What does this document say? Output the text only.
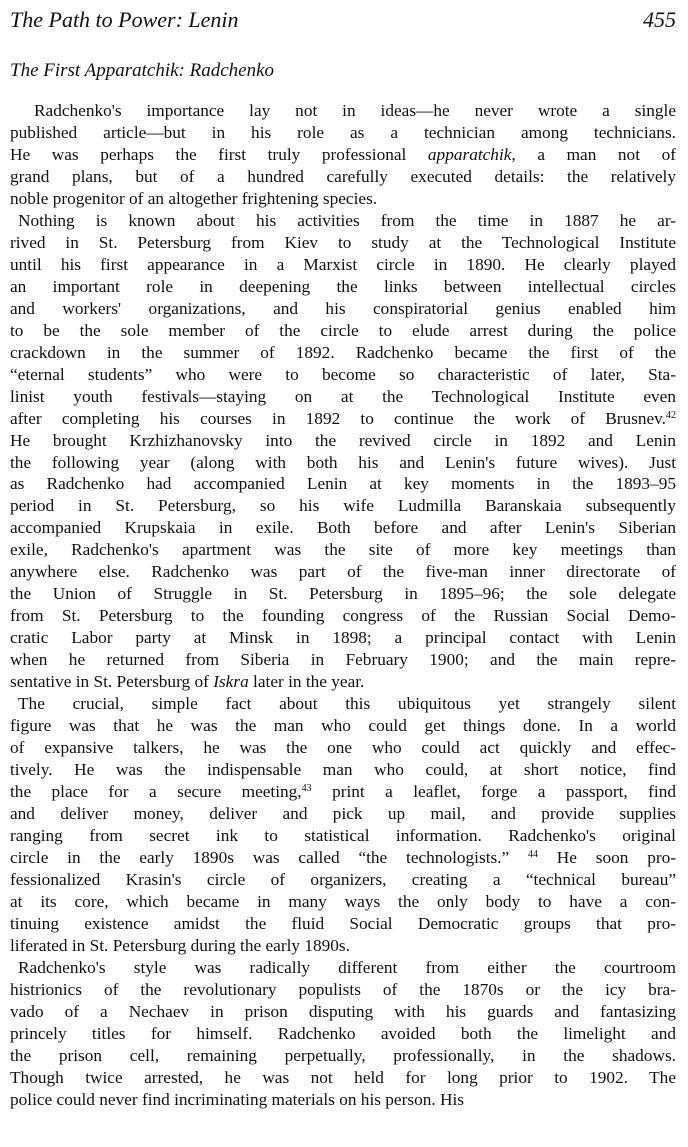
The Path to Power: Lenin	455
The First Apparatchik: Radchenko
Radchenko's importance lay not in ideas—he never wrote a single
published article—but in his role as a technician among technicians.
He was perhaps the first truly professional apparatchik, a man not of
grand plans, but of a hundred carefully executed details: the relatively
noble progenitor of an altogether frightening species.
Nothing is known about his activities from the time in 1887 he ar-
rived in St. Petersburg from Kiev to study at the Technological Institute
until his first appearance in a Marxist circle in 1890. He clearly played
an important role in deepening the links between intellectual circles
and workers' organizations, and his conspiratorial genius enabled him
to be the sole member of the circle to elude arrest during the police
crackdown in the summer of 1892. Radchenko became the first of the
“eternal students” who were to become so characteristic of later, Sta-
linist youth festivals—staying on at the Technological Institute even
after completing his courses in 1892 to continue the work of Brusnev.$^{42}$
He brought Krzhizhanovsky into the revived circle in 1892 and Lenin
the following year (along with both his and Lenin's future wives). Just
as Radchenko had accompanied Lenin at key moments in the 1893–95
period in St. Petersburg, so his wife Ludmilla Baranskaia subsequently
accompanied Krupskaia in exile. Both before and after Lenin's Siberian
exile, Radchenko's apartment was the site of more key meetings than
anywhere else. Radchenko was part of the five-man inner directorate of
the Union of Struggle in St. Petersburg in 1895–96; the sole delegate
from St. Petersburg to the founding congress of the Russian Social Demo-
cratic Labor party at Minsk in 1898; a principal contact with Lenin
when he returned from Siberia in February 1900; and the main repre-
sentative in St. Petersburg of Iskra later in the year.
The crucial, simple fact about this ubiquitous yet strangely silent
figure was that he was the man who could get things done. In a world
of expansive talkers, he was the one who could act quickly and effec-
tively. He was the indispensable man who could, at short notice, find
the place for a secure meeting,$^{43}$ print a leaflet, forge a passport, find
and deliver money, deliver and pick up mail, and provide supplies
ranging from secret ink to statistical information. Radchenko's original
circle in the early 1890s was called “the technologists.” $^{44}$ He soon pro-
fessionalized Krasin's circle of organizers, creating a “technical bureau”
at its core, which became in many ways the only body to have a con-
tinuing existence amidst the fluid Social Democratic groups that pro-
liferated in St. Petersburg during the early 1890s.
Radchenko's style was radically different from either the courtroom
histrionics of the revolutionary populists of the 1870s or the icy bra-
vado of a Nechaev in prison disputing with his guards and fantasizing
princely titles for himself. Radchenko avoided both the limelight and
the prison cell, remaining perpetually, professionally, in the shadows.
Though twice arrested, he was not held for long prior to 1902. The
police could never find incriminating materials on his person. His
